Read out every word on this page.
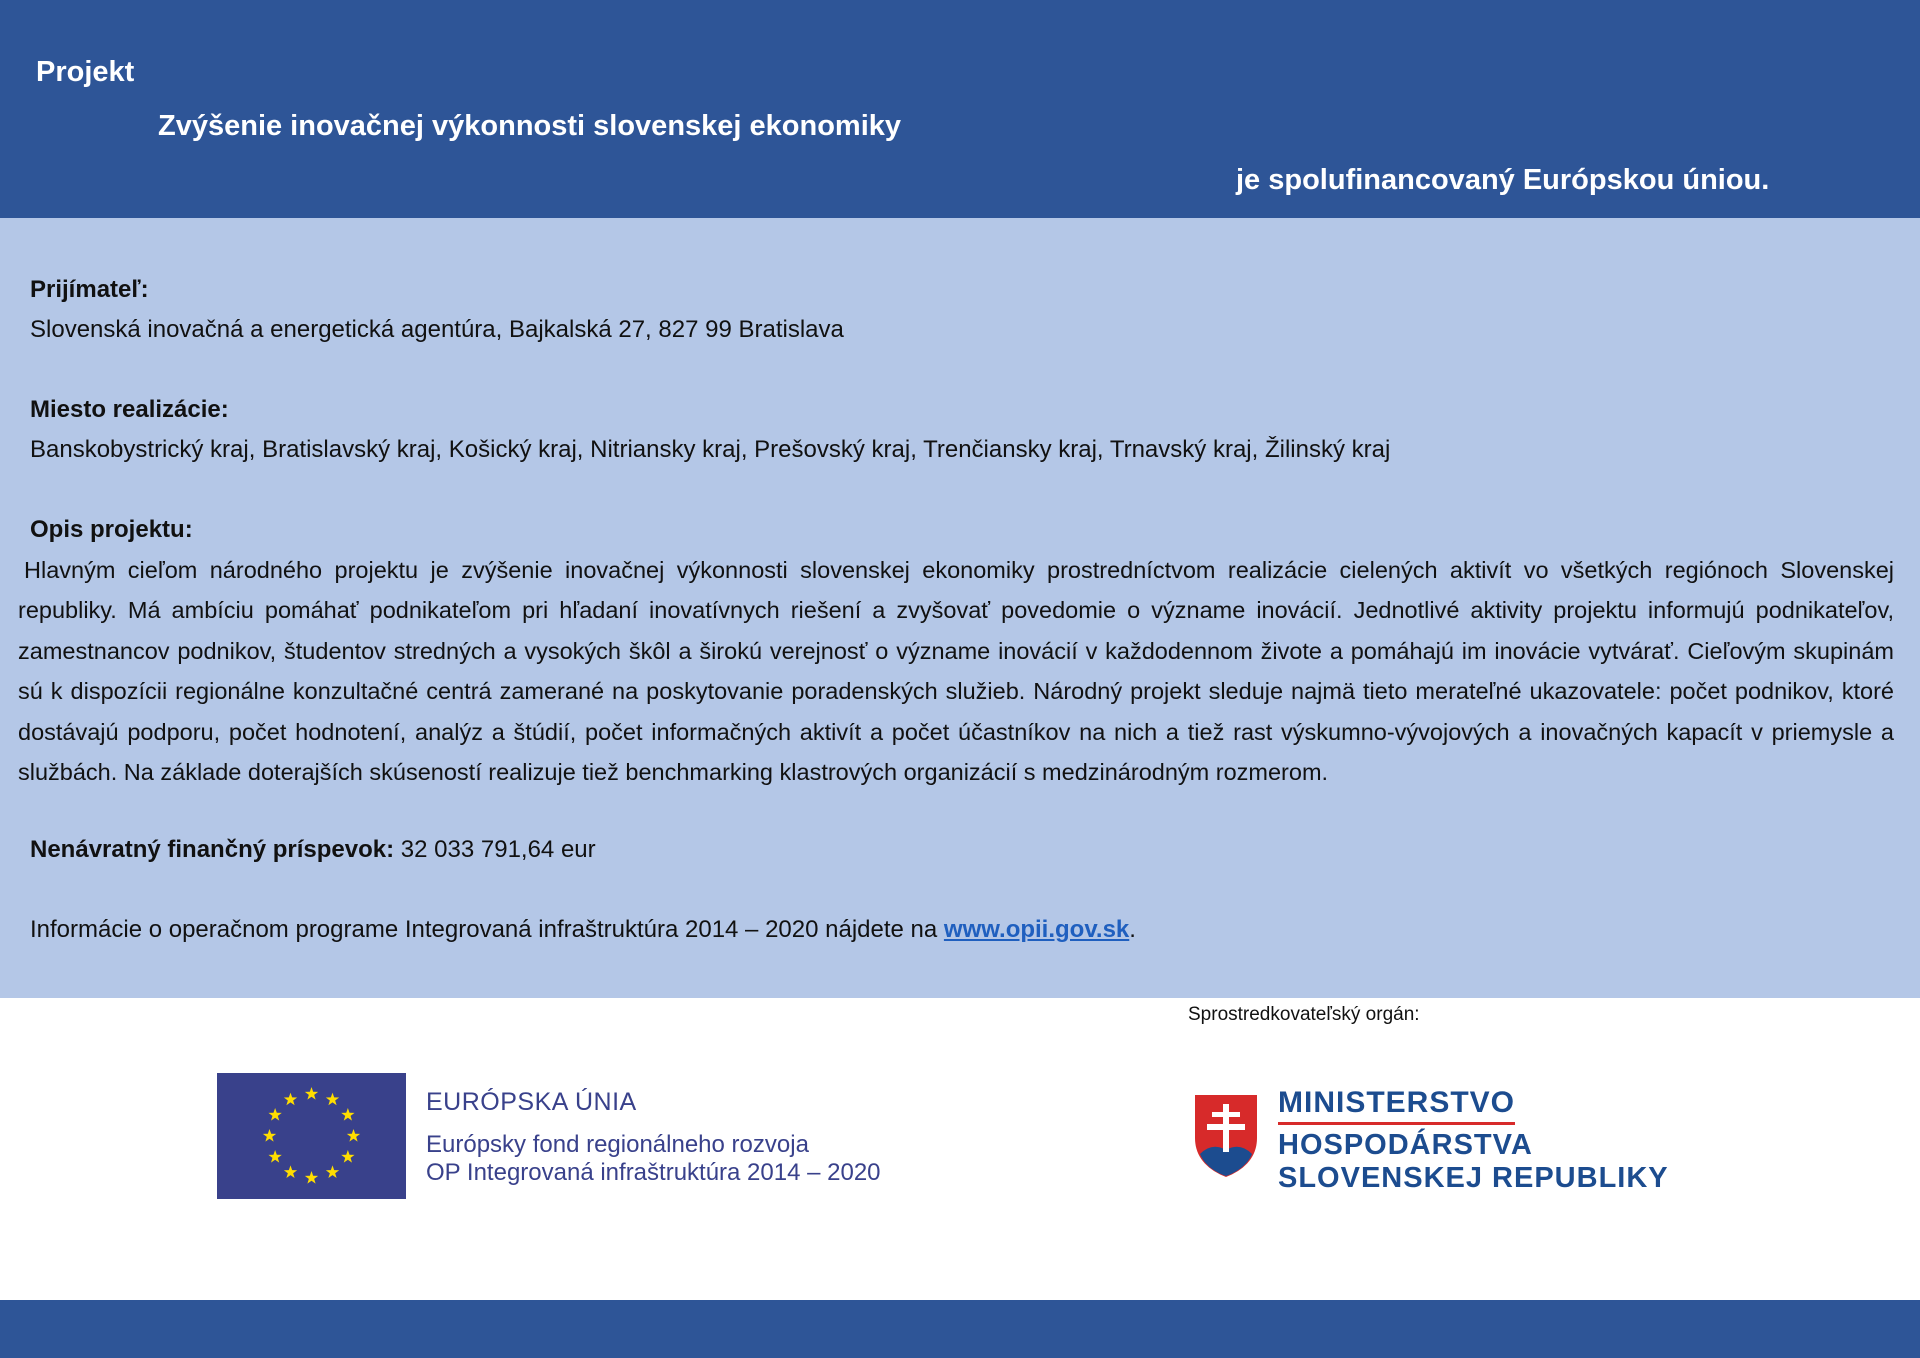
Projekt
Zvýšenie inovačnej výkonnosti slovenskej ekonomiky
je spolufinancovaný Európskou úniou.
Prijímateľ:
Slovenská inovačná a energetická agentúra, Bajkalská 27, 827 99 Bratislava
Miesto realizácie:
Banskobystrický kraj, Bratislavský kraj, Košický kraj, Nitriansky kraj, Prešovský kraj, Trenčiansky kraj, Trnavský kraj, Žilinský kraj
Opis projektu:
Hlavným cieľom národného projektu je zvýšenie inovačnej výkonnosti slovenskej ekonomiky prostredníctvom realizácie cielených aktivít vo všetkých regiónoch Slovenskej republiky. Má ambíciu pomáhať podnikateľom pri hľadaní inovatívnych riešení a zvyšovať povedomie o význame inovácií. Jednotlivé aktivity projektu informujú podnikateľov, zamestnancov podnikov, študentov stredných a vysokých škôl a širokú verejnosť o význame inovácií v každodennom živote a pomáhajú im inovácie vytvárať. Cieľovým skupinám sú k dispozícii regionálne konzultačné centrá zamerané na poskytovanie poradenských služieb. Národný projekt sleduje najmä tieto merateľné ukazovatele: počet podnikov, ktoré dostávajú podporu, počet hodnotení, analýz a štúdií, počet informačných aktivít a počet účastníkov na nich a tiež rast výskumno-vývojových a inovačných kapacít v priemysle a službách. Na základe doterajších skúseností realizuje tiež benchmarking klastrových organizácií s medzinárodným rozmerom.
Nenávratný finančný príspevok: 32 033 791,64 eur
Informácie o operačnom programe Integrovaná infraštruktúra 2014 – 2020 nájdete na www.opii.gov.sk.
Sprostredkovateľský orgán:
EURÓPSKA ÚNIA
Európsky fond regionálneho rozvoja
OP Integrovaná infraštruktúra 2014 – 2020
MINISTERSTVO
HOSPODÁRSTVA
SLOVENSKEJ REPUBLIKY
